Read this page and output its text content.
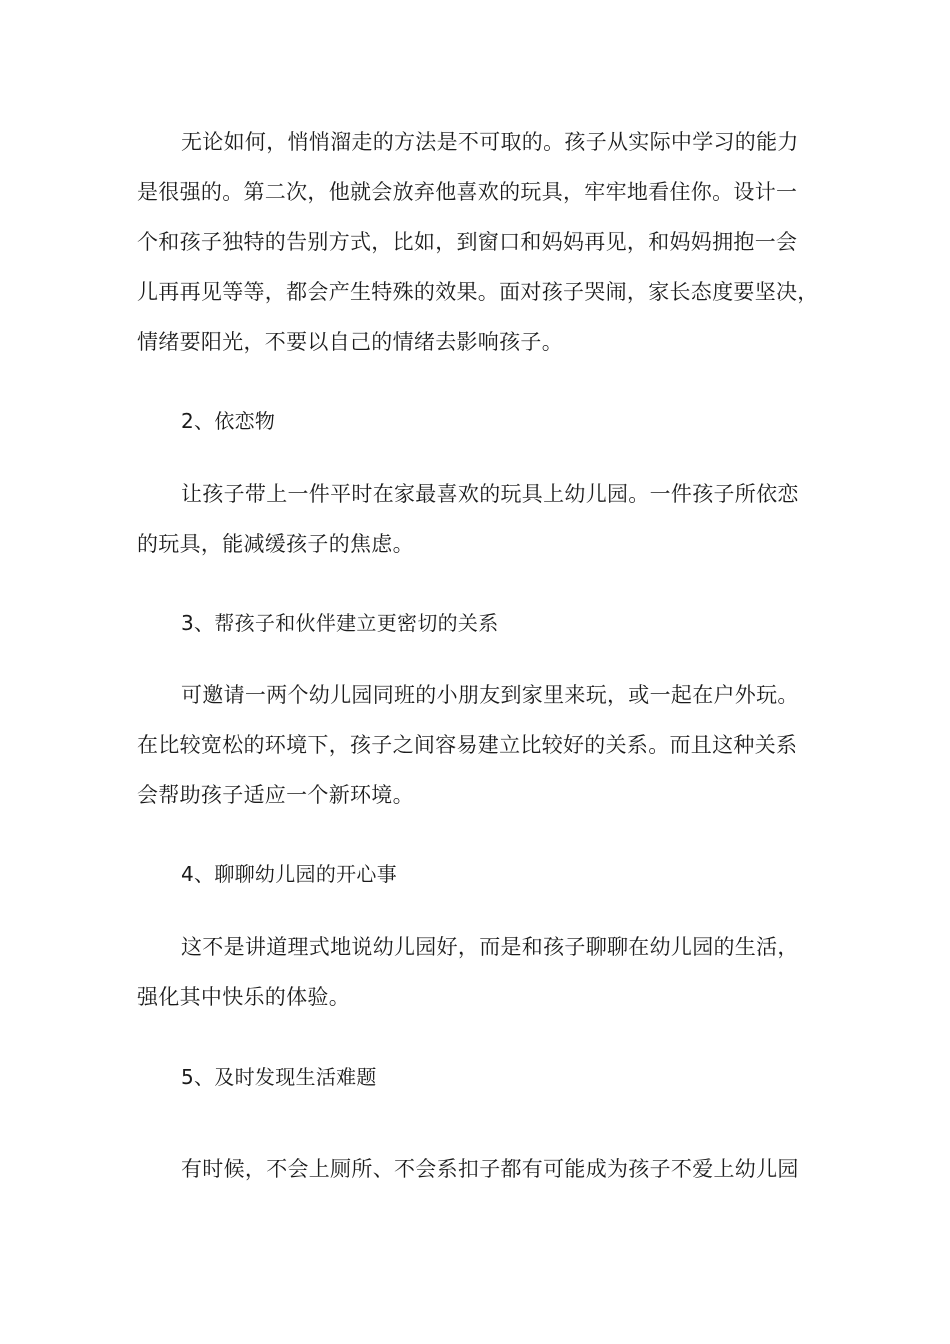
无论如何，悄悄溜走的方法是不可取的。孩子从实际中学习的能力
是很强的。第二次，他就会放弃他喜欢的玩具，牢牢地看住你。设计一
个和孩子独特的告别方式，比如，到窗口和妈妈再见，和妈妈拥抱一会
儿再再见等等，都会产生特殊的效果。面对孩子哭闹，家长态度要坚决，
情绪要阳光，不要以自己的情绪去影响孩子。

2、依恋物

让孩子带上一件平时在家最喜欢的玩具上幼儿园。一件孩子所依恋
的玩具，能减缓孩子的焦虑。

3、帮孩子和伙伴建立更密切的关系

可邀请一两个幼儿园同班的小朋友到家里来玩，或一起在户外玩。
在比较宽松的环境下，孩子之间容易建立比较好的关系。而且这种关系
会帮助孩子适应一个新环境。

4、聊聊幼儿园的开心事

这不是讲道理式地说幼儿园好，而是和孩子聊聊在幼儿园的生活，
强化其中快乐的体验。

5、及时发现生活难题

有时候，不会上厕所、不会系扣子都有可能成为孩子不爱上幼儿园
